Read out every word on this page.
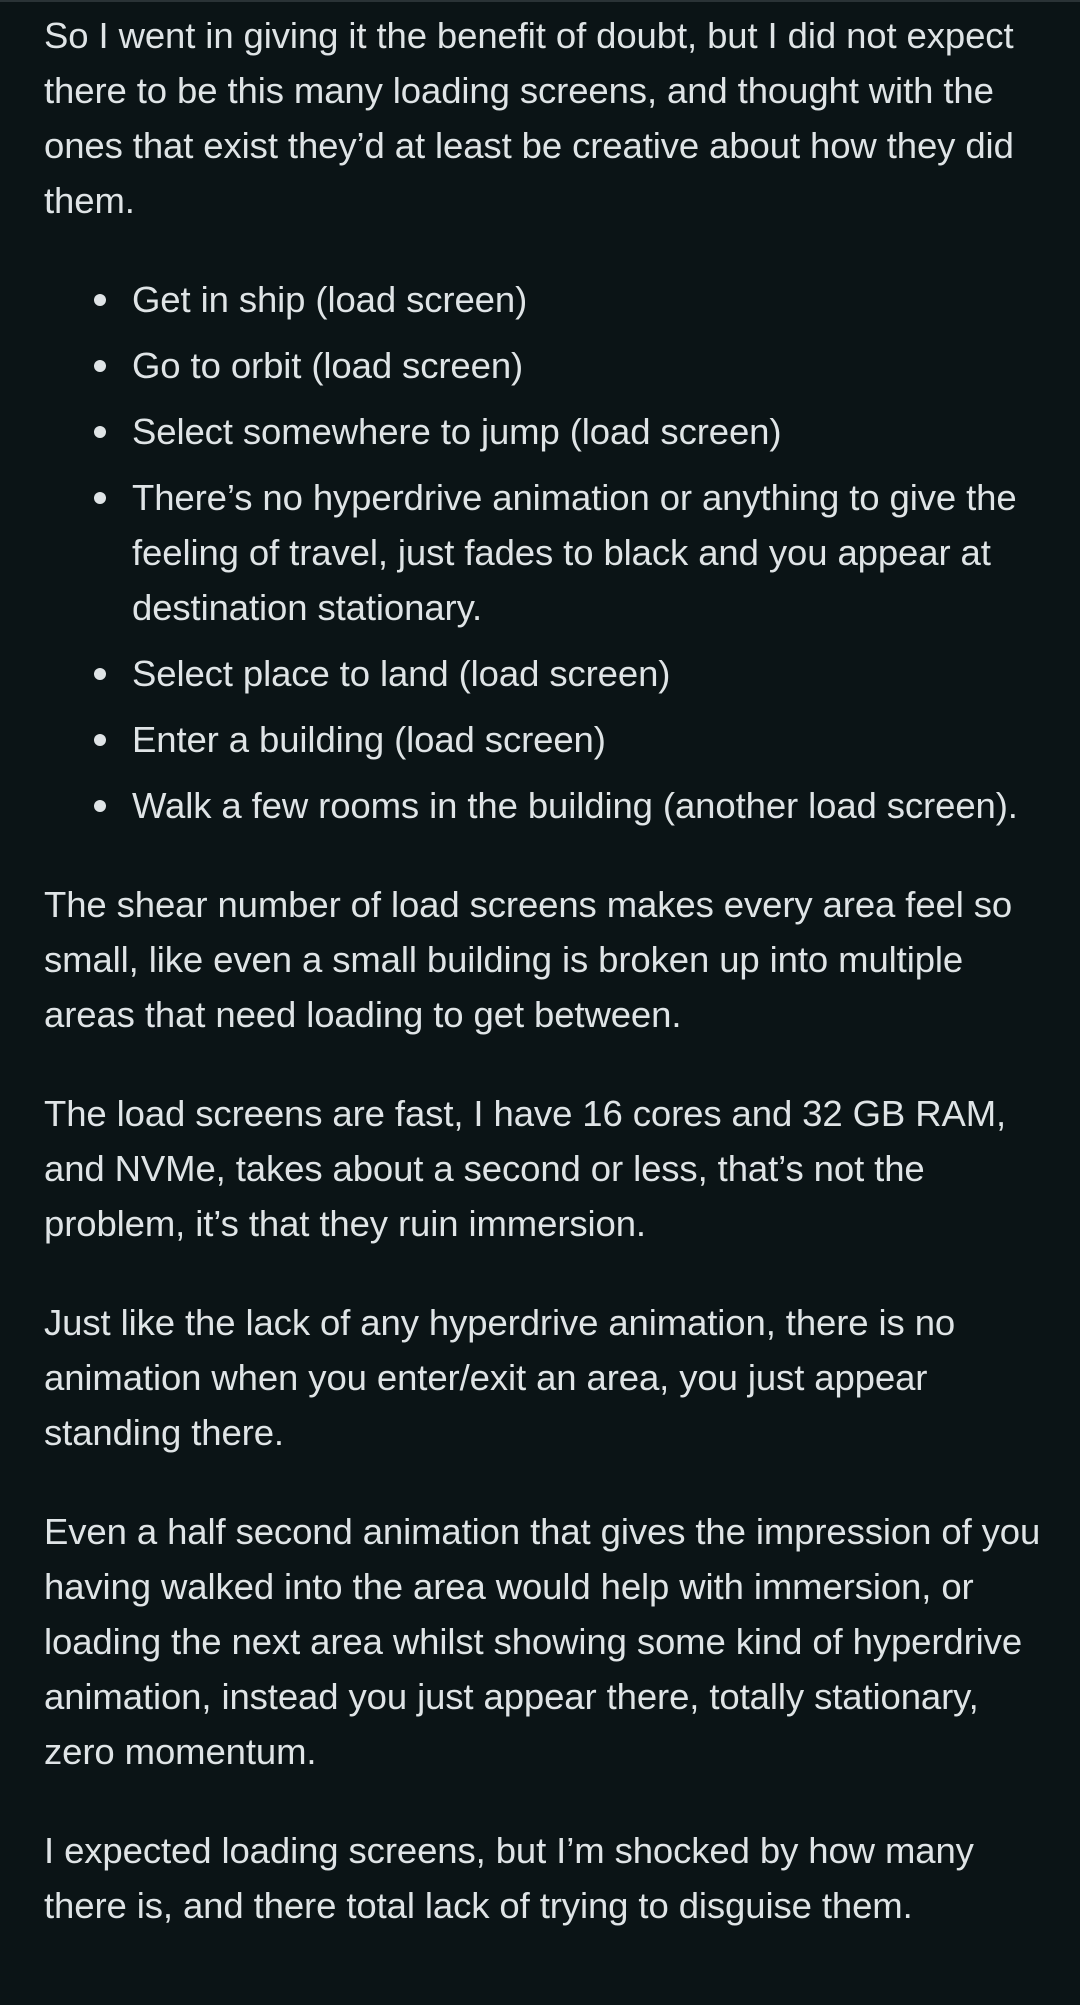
So I went in giving it the benefit of doubt, but I did not expect there to be this many loading screens, and thought with the ones that exist they’d at least be creative about how they did them.

Get in ship (load screen)
Go to orbit (load screen)
Select somewhere to jump (load screen)
There’s no hyperdrive animation or anything to give the feeling of travel, just fades to black and you appear at destination stationary.
Select place to land (load screen)
Enter a building (load screen)
Walk a few rooms in the building (another load screen).

The shear number of load screens makes every area feel so small, like even a small building is broken up into multiple areas that need loading to get between.

The load screens are fast, I have 16 cores and 32 GB RAM, and NVMe, takes about a second or less, that’s not the problem, it’s that they ruin immersion.

Just like the lack of any hyperdrive animation, there is no animation when you enter/exit an area, you just appear standing there.

Even a half second animation that gives the impression of you having walked into the area would help with immersion, or loading the next area whilst showing some kind of hyperdrive animation, instead you just appear there, totally stationary, zero momentum.

I expected loading screens, but I’m shocked by how many there is, and there total lack of trying to disguise them.
